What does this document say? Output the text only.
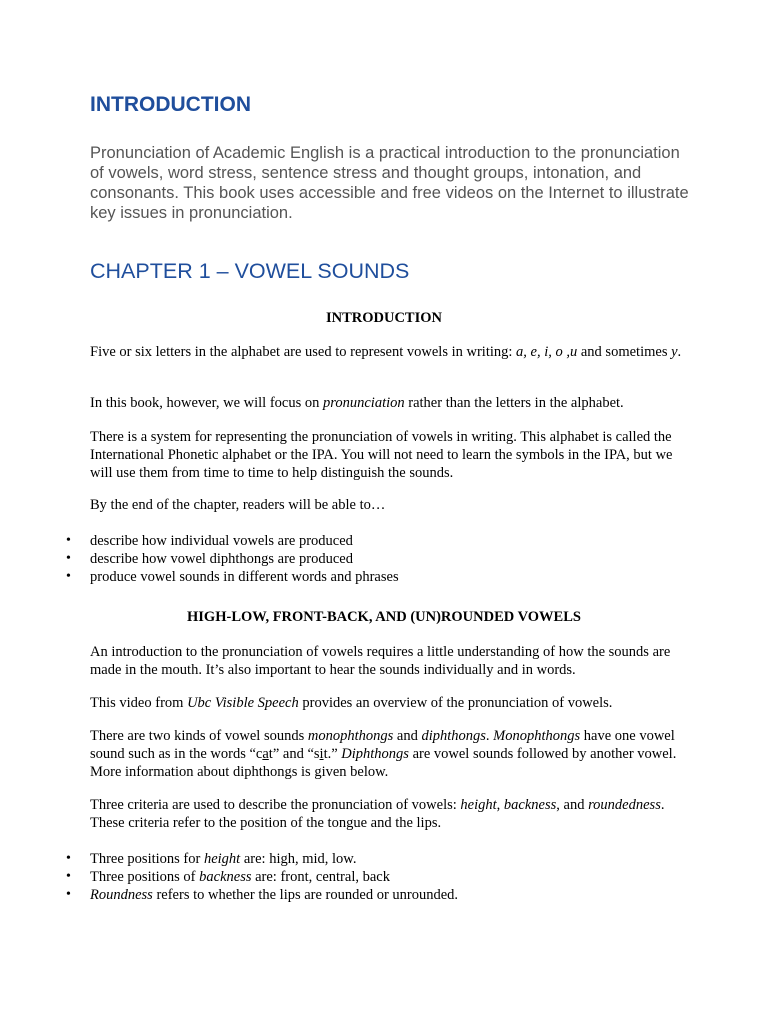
INTRODUCTION

Pronunciation of Academic English is a practical introduction to the pronunciation of vowels, word stress, sentence stress and thought groups, intonation, and consonants. This book uses accessible and free videos on the Internet to illustrate key issues in pronunciation.

CHAPTER 1 – VOWEL SOUNDS
INTRODUCTION

Five or six letters in the alphabet are used to represent vowels in writing: a, e, i, o ,u and sometimes y.

In this book, however, we will focus on pronunciation rather than the letters in the alphabet.

There is a system for representing the pronunciation of vowels in writing. This alphabet is called the International Phonetic alphabet or the IPA. You will not need to learn the symbols in the IPA, but we will use them from time to time to help distinguish the sounds.

By the end of the chapter, readers will be able to…

• describe how individual vowels are produced
• describe how vowel diphthongs are produced
• produce vowel sounds in different words and phrases
HIGH-LOW, FRONT-BACK, AND (UN)ROUNDED VOWELS

An introduction to the pronunciation of vowels requires a little understanding of how the sounds are made in the mouth. It’s also important to hear the sounds individually and in words.

This video from Ubc Visible Speech provides an overview of the pronunciation of vowels.

There are two kinds of vowel sounds monophthongs and diphthongs. Monophthongs have one vowel sound such as in the words “cat” and “sit.” Diphthongs are vowel sounds followed by another vowel. More information about diphthongs is given below.

Three criteria are used to describe the pronunciation of vowels: height, backness, and roundedness. These criteria refer to the position of the tongue and the lips.

• Three positions for height are: high, mid, low.
• Three positions of backness are: front, central, back
• Roundness refers to whether the lips are rounded or unrounded.
